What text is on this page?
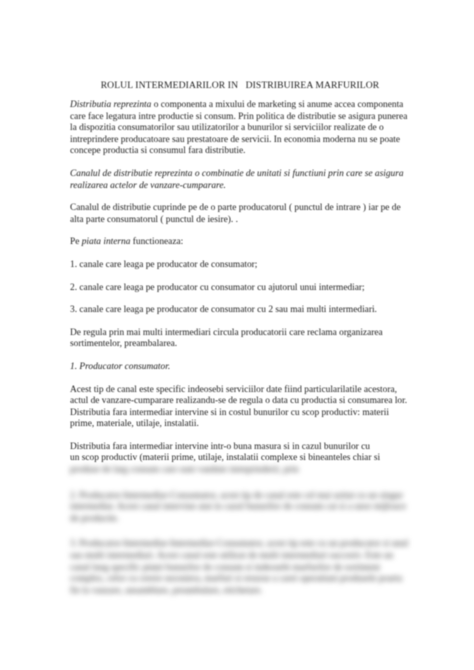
ROLUL INTERMEDIARILOR IN   DISTRIBUIREA MARFURILOR

Distributia reprezinta o componenta a mixului de marketing si anume accea componenta care face legatura intre productie si consum. Prin politica de distributie se asigura punerea la dispozitia consumatorilor sau utilizatorilor a bunurilor si serviciilor realizate de o intreprindere producatoare sau prestatoare de servicii. In economia moderna nu se poate concepe productia si consumul fara distributie.

Canalul de distributie reprezinta o combinatie de unitati si functiuni prin care se asigura realizarea actelor de vanzare-cumparare.

Canalul de distributie cuprinde pe de o parte producatorul ( punctul de intrare ) iar pe de alta parte consumatorul ( punctul de iesire). .

Pe piata interna functioneaza:

1. canale care leaga pe producator de consumator;

2. canale care leaga pe producator cu consumator cu ajutorul unui intermediar;

3. canale care leaga pe producator de consumator cu 2 sau mai multi intermediari.

De regula prin mai multi intermediari circula producatorii care reclama organizarea sortimentelor, preambalarea.

1. Producator consumator.

Acest tip de canal este specific indeosebi serviciilor date fiind particularilatile acestora, actul de vanzare-cumparare realizandu-se de regula o data cu productia si consumarea lor. Distributia fara intermediar intervine si in costul bunurilor cu scop productiv: materii prime, materiale, utilaje, instalatii.

Distributia fara intermediar intervine intr-o buna masura si in cazul bunurilor cu
un scop productiv (materii prime, utilaje, instalatii complexe si bineanteles chiar si
produse de larg consum care sunt vandute intreprinderii, prin

2. Producator-Intermediar-Consumator, acest tip de canal este cel mai uzitat cu un singur intermediar. Acest canal intervine atat in cazul bunurilor de consum cat si a unor mijloace de productie.

3. Producator-Intermediar-Intermediar-Consumator, acest tip este cu un producator si unul sau multi intermediari. Acest canal este utilizat de multi intermediari succesiv. Este un canal lung specific pieței bunurilor de consum si indeosebi marfurilor de sortiment complex, celor cu cerere sezoniera, marfuri si resurse a carei operatiuni produsele poarta fie la vanzare, ansamblare, preambalare, etichetare.
